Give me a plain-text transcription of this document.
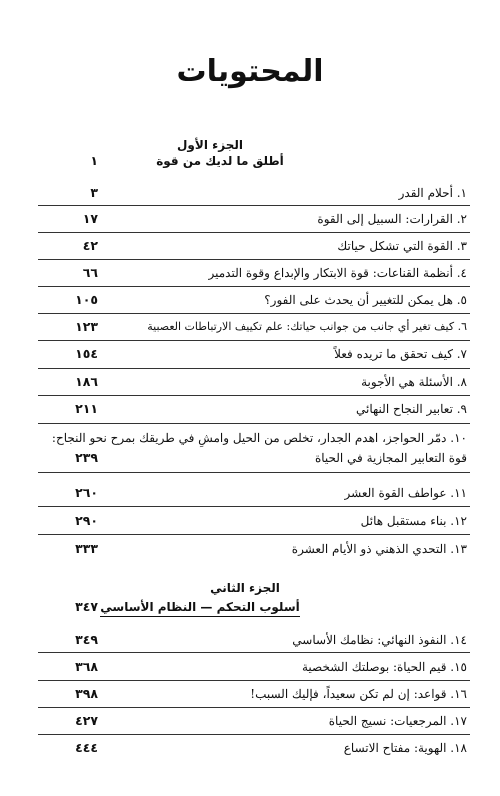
المحتويات
الجزء الأول
أطلق ما لديك من قوة
١
١. أحلام القدر
٣
٢. القرارات: السبيل إلى القوة
١٧
٣. القوة التي تشكل حياتك
٤٢
٤. أنظمة القناعات: قوة الابتكار والإبداع وقوة التدمير
٦٦
٥. هل يمكن للتغيير أن يحدث على الفور؟
١٠٥
٦. كيف تغير أي جانب من جوانب حياتك: علم تكييف الارتباطات العصبية
١٢٣
٧. كيف تحقق ما تريده فعلاً
١٥٤
٨. الأسئلة هي الأجوبة
١٨٦
٩. تعابير النجاح النهائي
٢١١
١٠. دمّر الحواجز، اهدم الجدار، تخلص من الحيل وامشِ في طريقك بمرح نحو النجاح: قوة التعابير المجازية في الحياة
٢٣٩
١١. عواطف القوة العشر
٢٦٠
١٢. بناء مستقبل هائل
٢٩٠
١٣. التحدي الذهني ذو الأيام العشرة
٣٣٣
الجزء الثاني
أسلوب التحكم — النظام الأساسي
٣٤٧
١٤. النفوذ النهائي: نظامك الأساسي
٣٤٩
١٥. قيم الحياة: بوصلتك الشخصية
٣٦٨
١٦. قواعد: إن لم تكن سعيداً، فإليك السبب!
٣٩٨
١٧. المرجعيات: نسيج الحياة
٤٢٧
١٨. الهوية: مفتاح الاتساع
٤٤٤
